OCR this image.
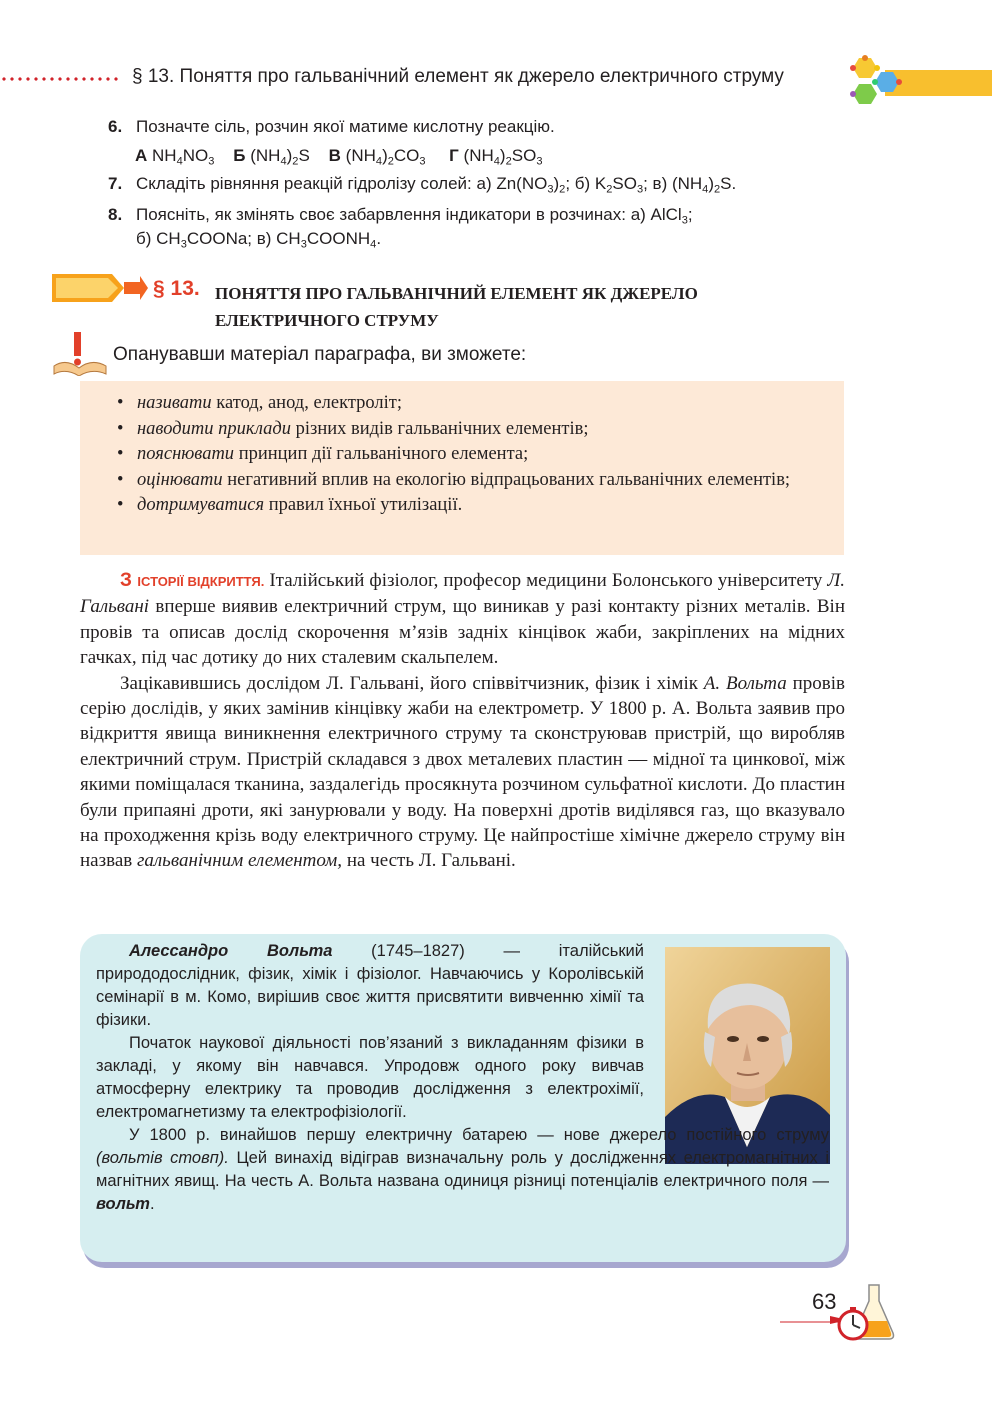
§ 13. Поняття про гальванічний елемент як джерело електричного струму
6. Позначте сіль, розчин якої матиме кислотну реакцію.
А $NH_4NO_3$ Б $(NH_4)_2S$    В $(NH_4)_2CO_3$ Г $(NH_4)_2SO_3$
7. Складіть рівняння реакцій гідролізу солей: а) $Zn(NO_3)_2$; б) $K_2SO_3$; в) $(NH_4)_2S$.
8. Поясніть, як змінять своє забарвлення індикатори в розчинах: а) AlCl$_3$;
б) $CH_3COONa$; в) $CH_3COONH_4$.
§ 13. ПОНЯТТЯ ПРО ГАЛЬВАНІЧНИЙ ЕЛЕМЕНТ ЯК ДЖЕРЕЛО
ЕЛЕКТРИЧНОГО СТРУМУ
Опанувавши матеріал параграфа, ви зможете:
• називати катод, анод, електроліт;
• наводити приклади різних видів гальванічних елементів;
• пояснювати принцип дії гальванічного елемента;
• оцінювати негативний вплив на екологію відпрацьованих гальванічних елементів;
• дотримуватися правил їхньої утилізації.

З ІСТОРІЇ ВІДКРИТТЯ. Італійський фізіолог, професор медицини Болонського університету Л. Гальвані вперше виявив електричний струм, що виникав у разі контакту різних металів. Він провів та описав дослід скорочення м’язів задніх кінцівок жаби, закріплених на мідних гачках, під час дотику до них сталевим скальпелем.

Зацікавившись дослідом Л. Гальвані, його співвітчизник, фізик і хімік А. Вольта провів серію дослідів, у яких замінив кінцівку жаби на електрометр. У 1800 р. А. Вольта заявив про відкриття явища виникнення електричного струму та сконструював пристрій, що виробляв електричний струм. Пристрій складався з двох металевих пластин — мідної та цинкової, між якими поміщалася тканина, заздалегідь просякнута розчином сульфатної кислоти. До пластин були припаяні дроти, які занурювали у воду. На поверхні дротів виділявся газ, що вказувало на проходження крізь воду електричного струму. Це найпростіше хімічне джерело струму він назвав гальванічним елементом, на честь Л. Гальвані.

Алессандро Вольта (1745–1827) — італійський природодослідник, фізик, хімік і фізіолог. Навчаючись у Королівській семінарії в м. Комо, вирішив своє життя присвятити вивченню хімії та фізики.

Початок наукової діяльності пов’язаний з викладанням фізики в закладі, у якому він навчався. Упродовж одного року вивчав атмосферну електрику та проводив дослідження з електрохімії, електромагнетизму та електрофізіології.

У 1800 р. винайшов першу електричну батарею — нове джерело постійного струму (вольтів стовп). Цей винахід відіграв визначальну роль у дослідженнях електромагнітних і магнітних явищ. На честь А. Вольта названа одиниця різниці потенціалів електричного поля — вольт.

63
